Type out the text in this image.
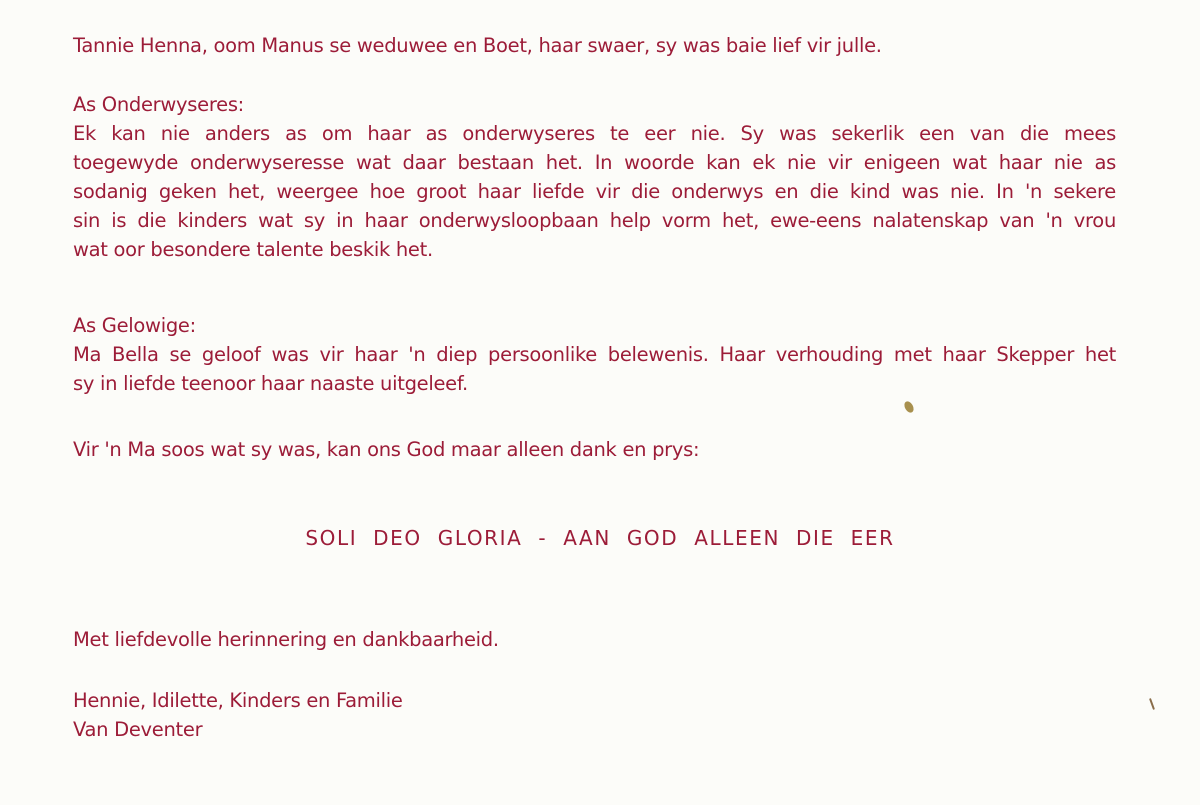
Tannie Henna, oom Manus se weduwee en Boet, haar swaer, sy was baie lief vir julle.

As Onderwyseres:

Ek kan nie anders as om haar as onderwyseres te eer nie. Sy was sekerlik een van die mees
toegewyde onderwyseresse wat daar bestaan het. In woorde kan ek nie vir enigeen wat haar nie as
sodanig geken het, weergee hoe groot haar liefde vir die onderwys en die kind was nie. In 'n sekere
sin is die kinders wat sy in haar onderwysloopbaan help vorm het, ewe-eens nalatenskap van 'n vrou
wat oor besondere talente beskik het.

As Gelowige:

Ma Bella se geloof was vir haar 'n diep persoonlike belewenis. Haar verhouding met haar Skepper het
sy in liefde teenoor haar naaste uitgeleef.

Vir 'n Ma soos wat sy was, kan ons God maar alleen dank en prys:

SOLI DEO GLORIA - AAN GOD ALLEEN DIE EER

Met liefdevolle herinnering en dankbaarheid.

Hennie, Idilette, Kinders en Familie

Van Deventer
